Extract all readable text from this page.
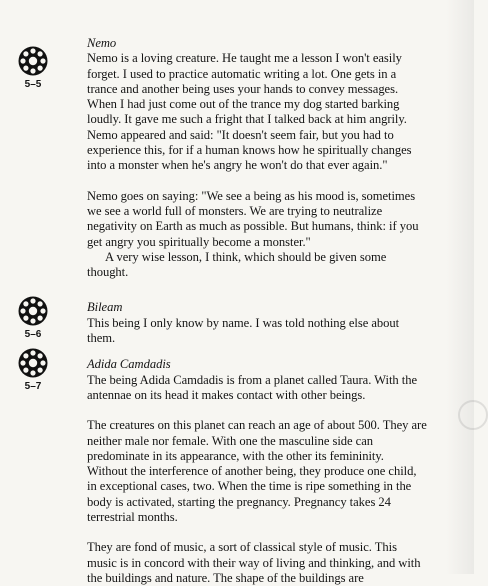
5–5
5–6
5–7
Nemo

Nemo is a loving creature. He taught me a lesson I won't easily forget. I used to practice automatic writing a lot. One gets in a trance and another being uses your hands to convey messages. When I had just come out of the trance my dog started barking loudly. It gave me such a fright that I talked back at him angrily. Nemo appeared and said: "It doesn't seem fair, but you had to experience this, for if a human knows how he spiritually changes into a monster when he's angry he won't do that ever again."

Nemo goes on saying: "We see a being as his mood is, sometimes we see a world full of monsters. We are trying to neutralize negativity on Earth as much as possible. But humans, think: if you get angry you spiritually become a monster."

A very wise lesson, I think, which should be given some thought.

Bileam

This being I only know by name. I was told nothing else about them.

Adida Camdadis

The being Adida Camdadis is from a planet called Taura. With the antennae on its head it makes contact with other beings.

The creatures on this planet can reach an age of about 500. They are neither male nor female. With one the masculine side can predominate in its appearance, with the other its femininity. Without the interference of another being, they produce one child, in exceptional cases, two. When the time is ripe something in the body is activated, starting the pregnancy. Pregnancy takes 24 terrestrial months.

They are fond of music, a sort of classical style of music. This music is in concord with their way of living and thinking, and with the buildings and nature. The shape of the buildings are
